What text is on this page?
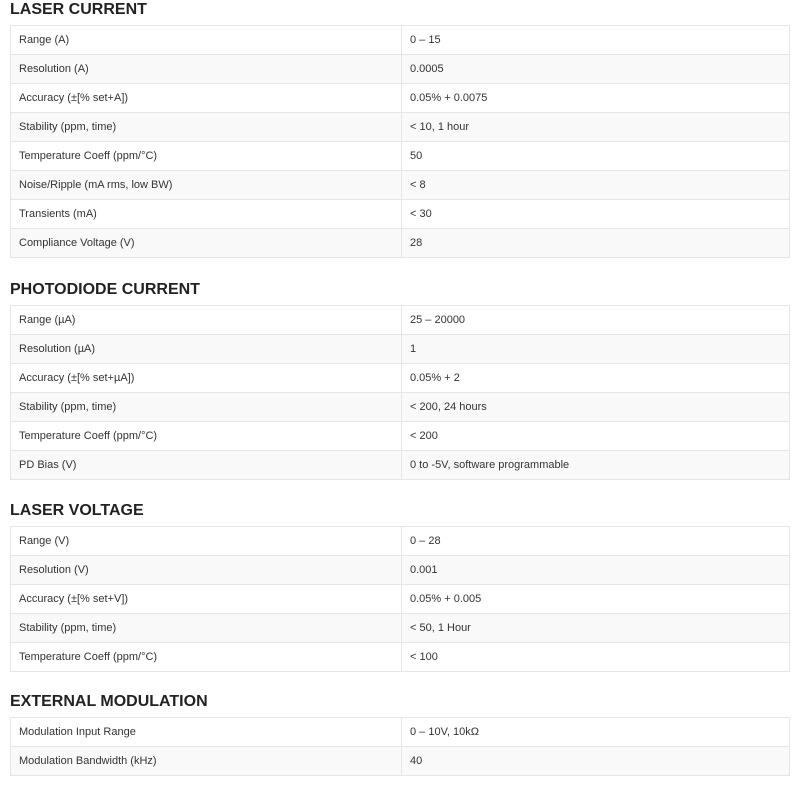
LASER CURRENT
Range (A)	0 – 15
Resolution (A)	0.0005
Accuracy (±[% set+A])	0.05% + 0.0075
Stability (ppm, time)	< 10, 1 hour
Temperature Coeff (ppm/°C)	50
Noise/Ripple (mA rms, low BW)	< 8
Transients (mA)	< 30
Compliance Voltage (V)	28
PHOTODIODE CURRENT
Range (µA)	25 – 20000
Resolution (µA)	1
Accuracy (±[% set+µA])	0.05% + 2
Stability (ppm, time)	< 200, 24 hours
Temperature Coeff (ppm/°C)	< 200
PD Bias (V)	0 to -5V, software programmable
LASER VOLTAGE
Range (V)	0 – 28
Resolution (V)	0.001
Accuracy (±[% set+V])	0.05% + 0.005
Stability (ppm, time)	< 50, 1 Hour
Temperature Coeff (ppm/°C)	< 100
EXTERNAL MODULATION
Modulation Input Range	0 – 10V, 10kΩ
Modulation Bandwidth (kHz)	40
